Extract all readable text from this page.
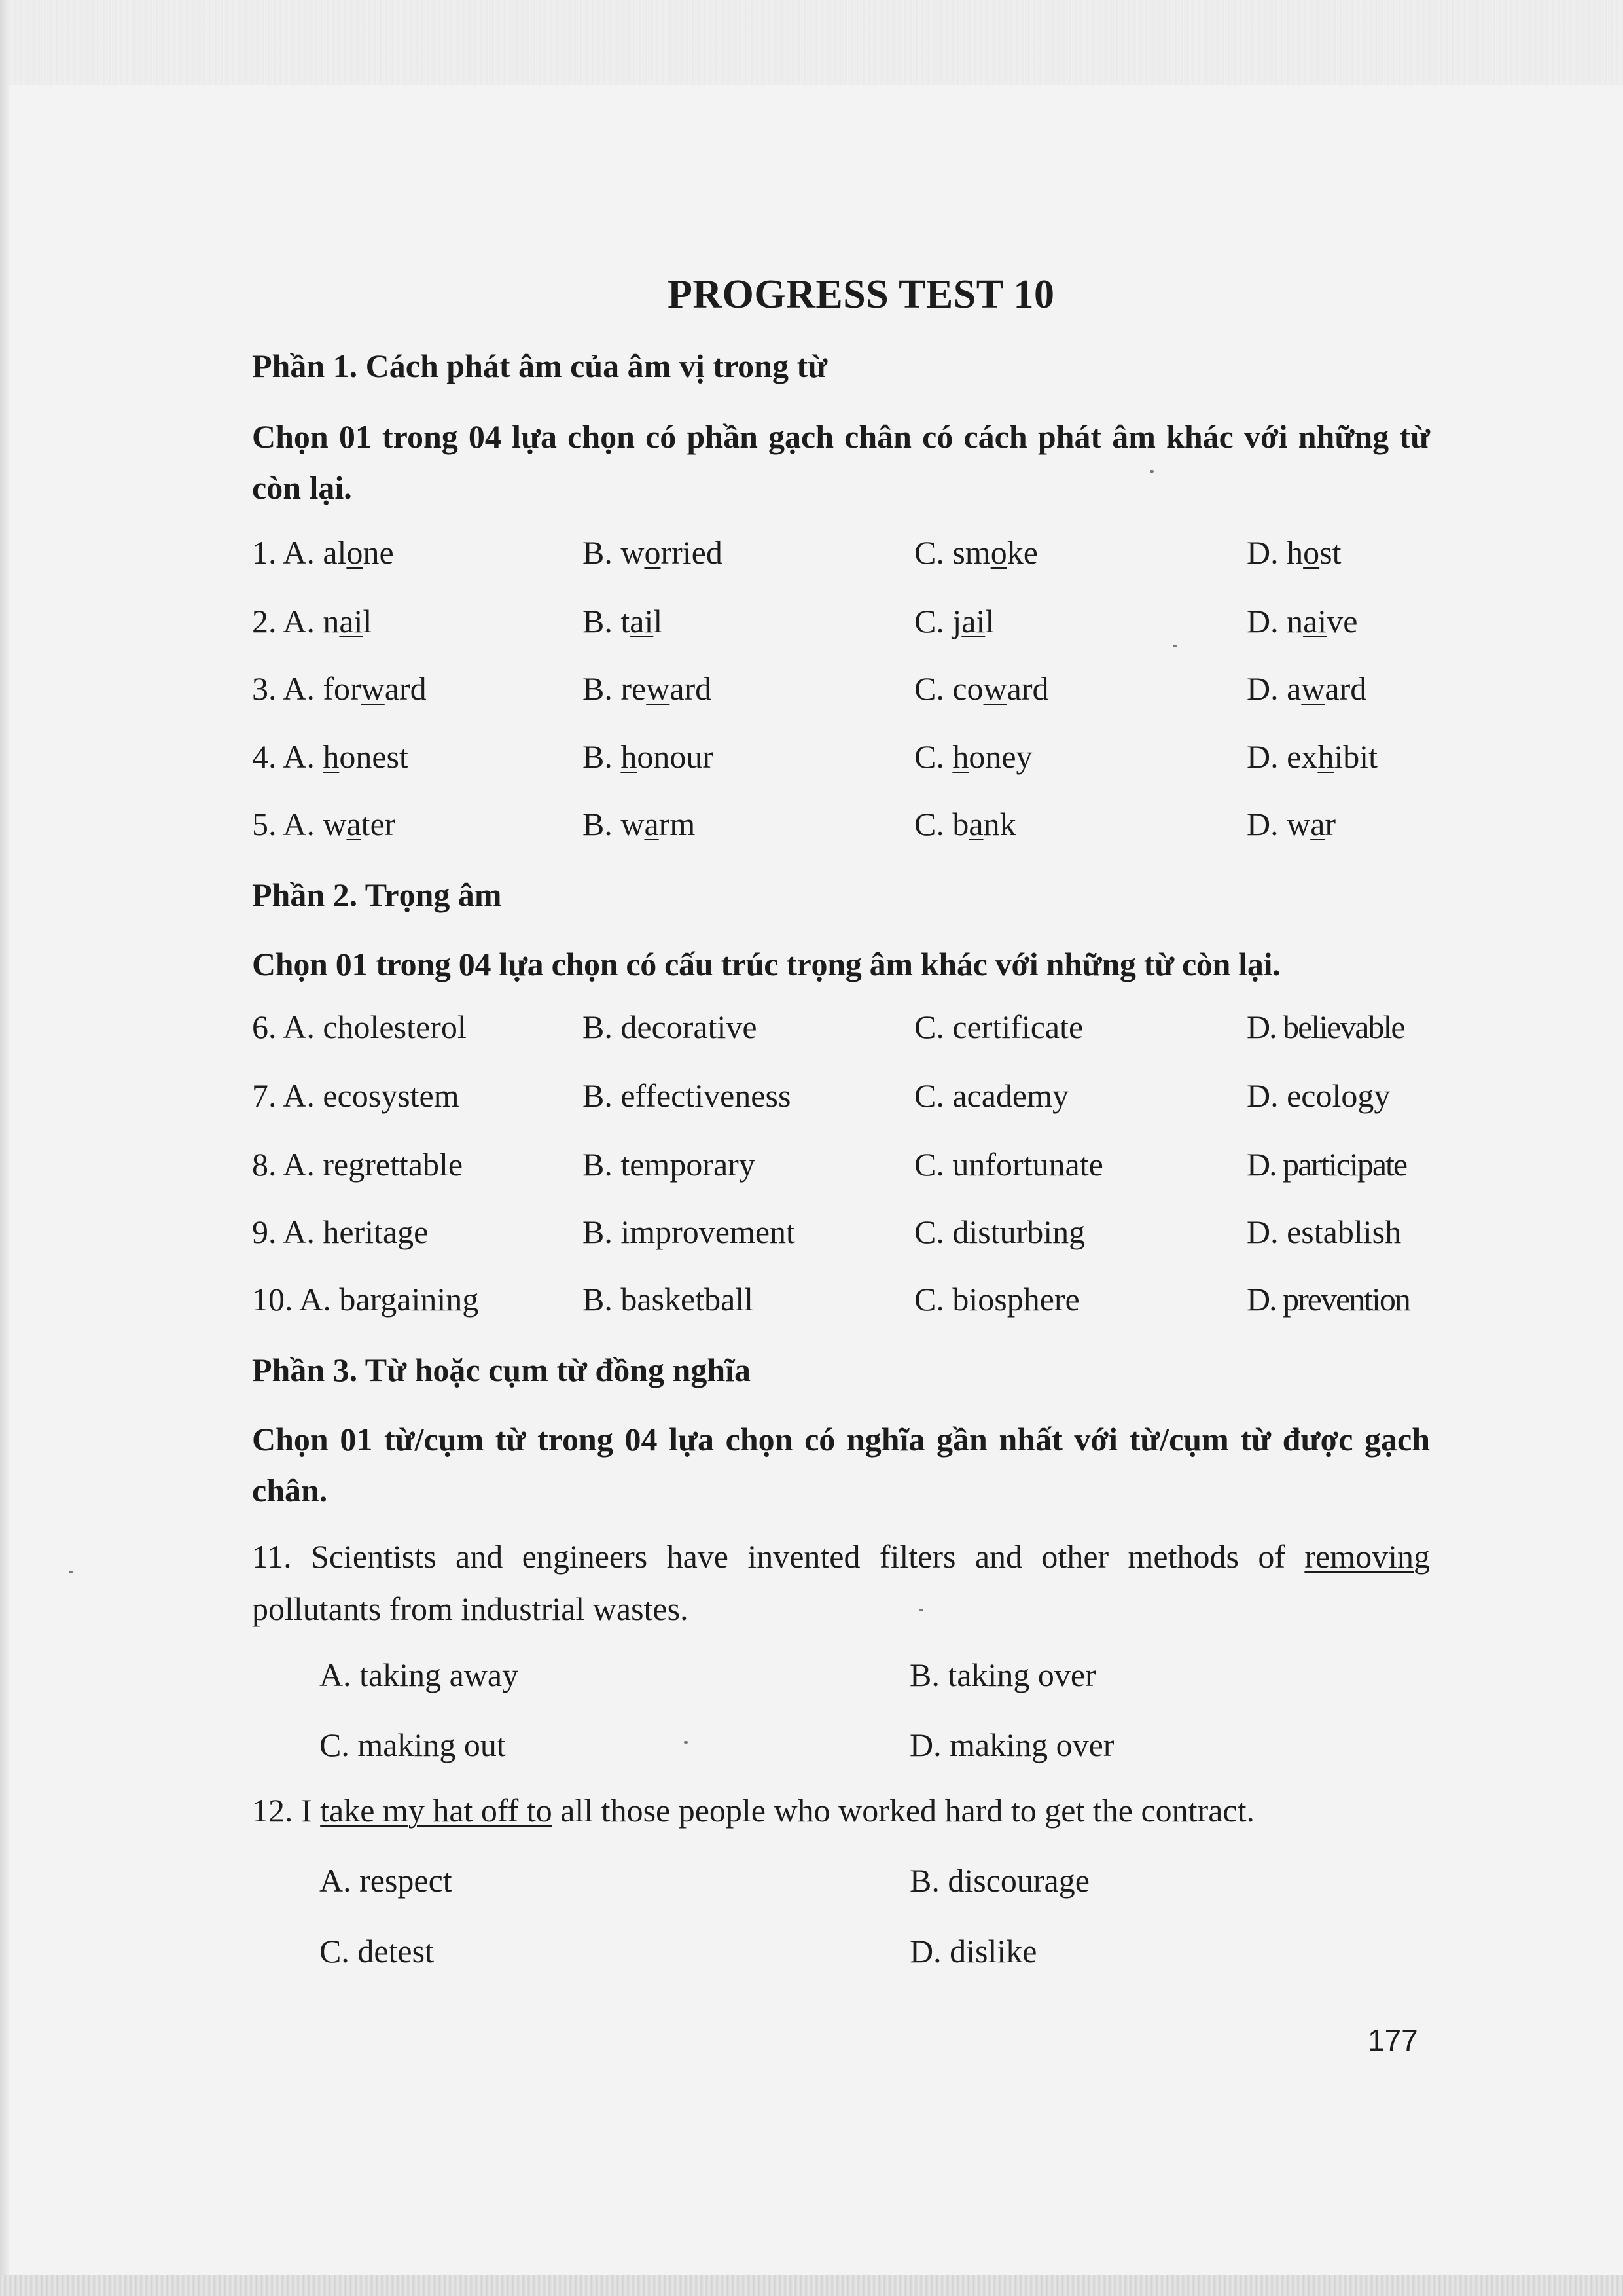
PROGRESS TEST 10
Phần 1. Cách phát âm của âm vị trong từ
Chọn 01 trong 04 lựa chọn có phần gạch chân có cách phát âm khác với những từ còn lại.
1. A. alone	B. worried	C. smoke	D. host
2. A. nail	B. tail	C. jail	D. naive
3. A. forward	B. reward	C. coward	D. award
4. A. honest	B. honour	C. honey	D. exhibit
5. A. water	B. warm	C. bank	D. war
Phần 2. Trọng âm
Chọn 01 trong 04 lựa chọn có cấu trúc trọng âm khác với những từ còn lại.
6. A. cholesterol	B. decorative	C. certificate	D. believable
7. A. ecosystem	B. effectiveness	C. academy	D. ecology
8. A. regrettable	B. temporary	C. unfortunate	D. participate
9. A. heritage	B. improvement	C. disturbing	D. establish
10. A. bargaining	B. basketball	C. biosphere	D. prevention
Phần 3. Từ hoặc cụm từ đồng nghĩa
Chọn 01 từ/cụm từ trong 04 lựa chọn có nghĩa gần nhất với từ/cụm từ được gạch chân.
11. Scientists and engineers have invented filters and other methods of removing pollutants from industrial wastes.
A. taking away	B. taking over
C. making out	D. making over
12. I take my hat off to all those people who worked hard to get the contract.
A. respect	B. discourage
C. detest	D. dislike
177
